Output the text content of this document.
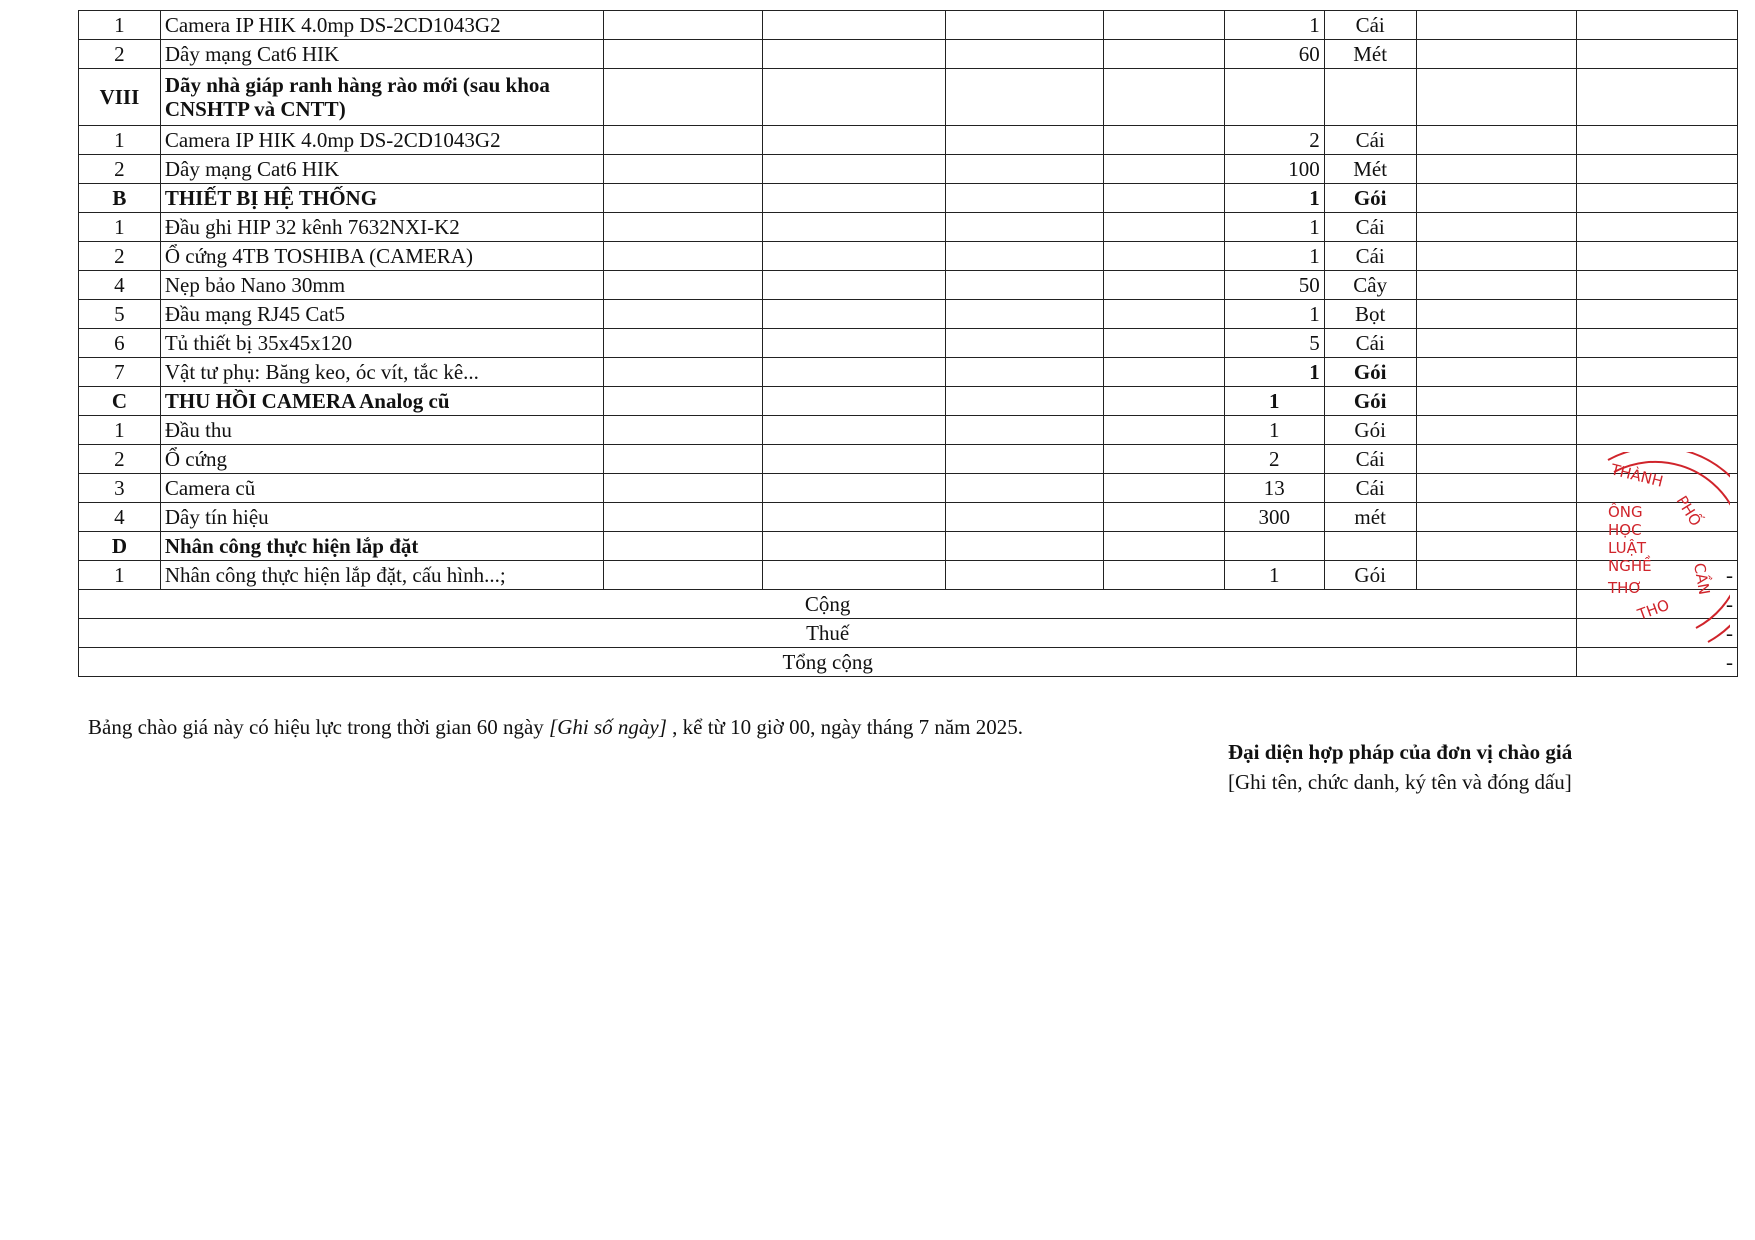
1	Camera IP HIK 4.0mp DS-2CD1043G2					1	Cái		
2	Dây mạng Cat6 HIK					60	Mét		
VIII	Dãy nhà giáp ranh hàng rào mới (sau khoa CNSHTP và CNTT)								
1	Camera IP HIK 4.0mp DS-2CD1043G2					2	Cái		
2	Dây mạng Cat6 HIK					100	Mét		
B	THIẾT BỊ HỆ THỐNG					1	Gói		
1	Đầu ghi HIP 32 kênh 7632NXI-K2					1	Cái		
2	Ổ cứng 4TB TOSHIBA (CAMERA)					1	Cái		
4	Nẹp bảo Nano 30mm					50	Cây		
5	Đầu mạng RJ45 Cat5					1	Bọt		
6	Tủ thiết bị 35x45x120					5	Cái		
7	Vật tư phụ: Băng keo, óc vít, tắc kê...					1	Gói		
C	THU HỒI CAMERA Analog cũ					1	Gói		
1	Đầu thu					1	Gói		
2	Ổ cứng					2	Cái		
3	Camera cũ					13	Cái		
4	Dây tín hiệu					300	mét		
D	Nhân công thực hiện lắp đặt								
1	Nhân công thực hiện lắp đặt, cấu hình...;					1	Gói		-
Cộng									-
Thuế									-
Tổng cộng									-
Bảng chào giá này có hiệu lực trong thời gian 60 ngày [Ghi số ngày] , kể từ 10 giờ 00, ngày tháng 7 năm 2025.
Đại diện hợp pháp của đơn vị chào giá
[Ghi tên, chức danh, ký tên và đóng dấu]
THÀNH
PHỐ
ÔNG
HỌC
LUẬT
NGHỀ
THƠ	CẦN
THO
